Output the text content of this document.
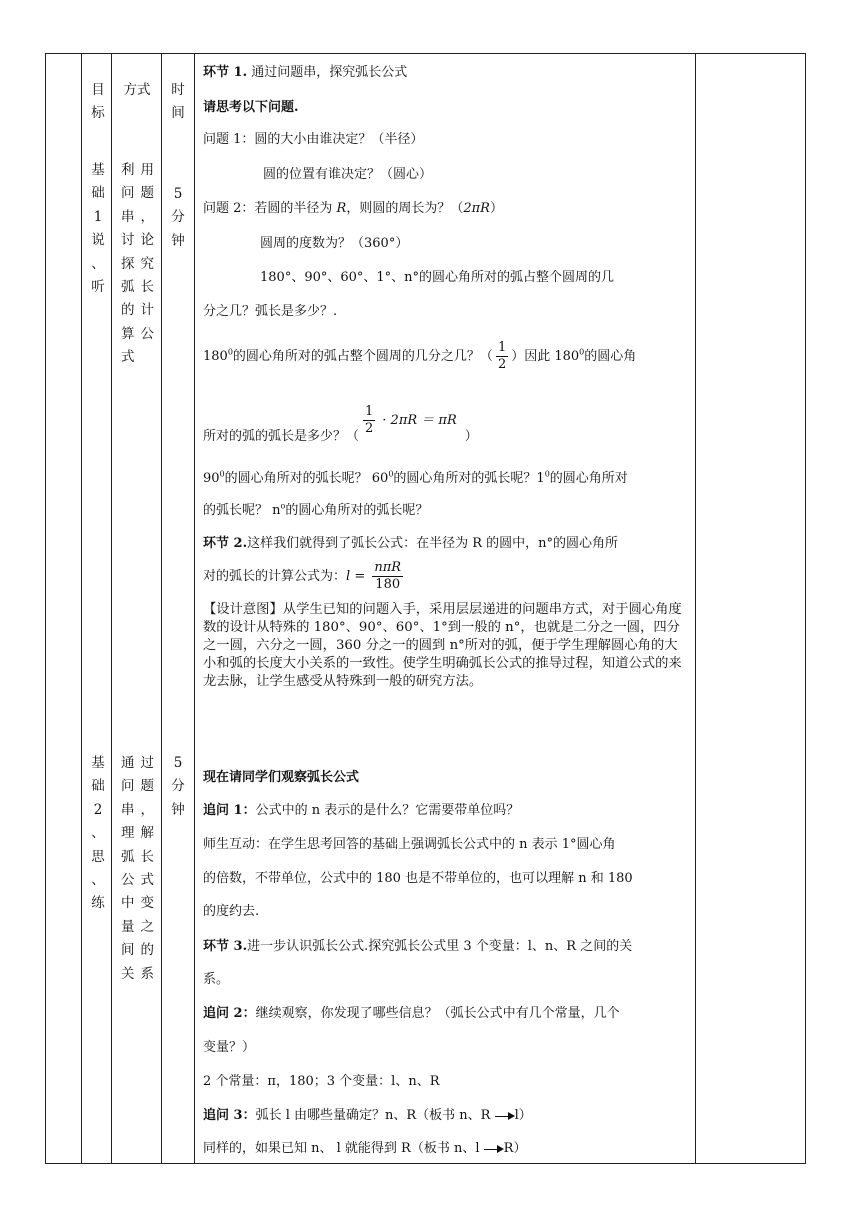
目
标
方式	时
间
基
础
1
说
、
听
利用
问题
串，
讨论
探究
弧长
的计
算公
式
5
分
钟
基
础
2
、
思
、
练
通过
问题
串，
理解
弧长
公式
中变
量之
间的
关系
5
分
钟
环节 1. 通过问题串，探究弧长公式
请思考以下问题.
问题 1：圆的大小由谁决定？（半径）
圆的位置有谁决定？（圆心）
问题 2：若圆的半径为 R，则圆的周长为？（2πR）
圆周的度数为？（360°）
180°、90°、60°、1°、n°的圆心角所对的弧占整个圆周的几
分之几？弧长是多少？.
$180^0$的圆心角所对的弧占整个圆周的几分之几？（ $\frac{1}{2}$ ）因此 $180^0$的圆心角
所对的弧的弧长是多少？（ $\frac{1}{2} \cdot 2\pi R = \pi R$）
$90^0$的圆心角所对的弧长呢？ $60^0$的圆心角所对的弧长呢？$1^0$的圆心角所对
的弧长呢？ $n^o$的圆心角所对的弧长呢？
环节 2.这样我们就得到了弧长公式：在半径为 R 的圆中，n°的圆心角所
对的弧长的计算公式为：$l = \frac{\text{nπR}}{180}$
【设计意图】从学生已知的问题入手，采用层层递进的问题串方式，对于圆心角度数的设计从特殊的 180°、90°、60°、1°到一般的 n°，也就是二分之一圆，四分之一圆，六分之一圆，360 分之一的圆到 n°所对的弧，便于学生理解圆心角的大小和弧的长度大小关系的一致性。使学生明确弧长公式的推导过程，知道公式的来龙去脉，让学生感受从特殊到一般的研究方法。
现在请同学们观察弧长公式
追问 1：公式中的 n 表示的是什么？它需要带单位吗？
师生互动：在学生思考回答的基础上强调弧长公式中的 n 表示 1°圆心角
的倍数，不带单位，公式中的 180 也是不带单位的，也可以理解 n 和 180
的度约去.
环节 3.进一步认识弧长公式.探究弧长公式里 3 个变量：l、n、R 之间的关
系。
追问 2：继续观察，你发现了哪些信息？（弧长公式中有几个常量，几个
变量？）
2 个常量：π，180；3 个变量：l、n、R
追问 3：弧长 l 由哪些量确定？n、R（板书 n、R l）
同样的，如果已知 n、 l 就能得到 R（板书 n、l R）
